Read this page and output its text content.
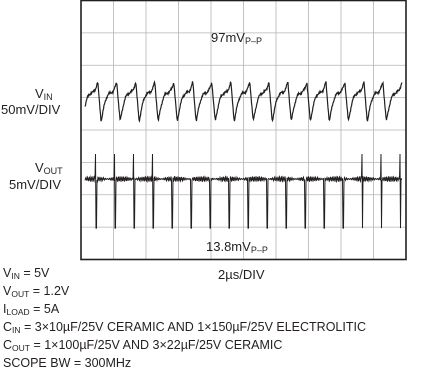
$97mV_{P-P}$
$V_{IN}$
50mV/DIV
$V_{OUT}$
5mV/DIV
$13.8mV_{P-P}$
2µs/DIV
$V_{IN} = 5V$
$V_{OUT} = 1.2V$
$I_{LOAD} = 5A$
$C_{IN} = 3\times 10\mu F/25V$ CERAMIC AND 1×150µF/25V ELECTROLITIC
$C_{OUT} = 1\times 100\mu F/25V$ AND 3×22µF/25V CERAMIC
SCOPE BW = 300MHz
